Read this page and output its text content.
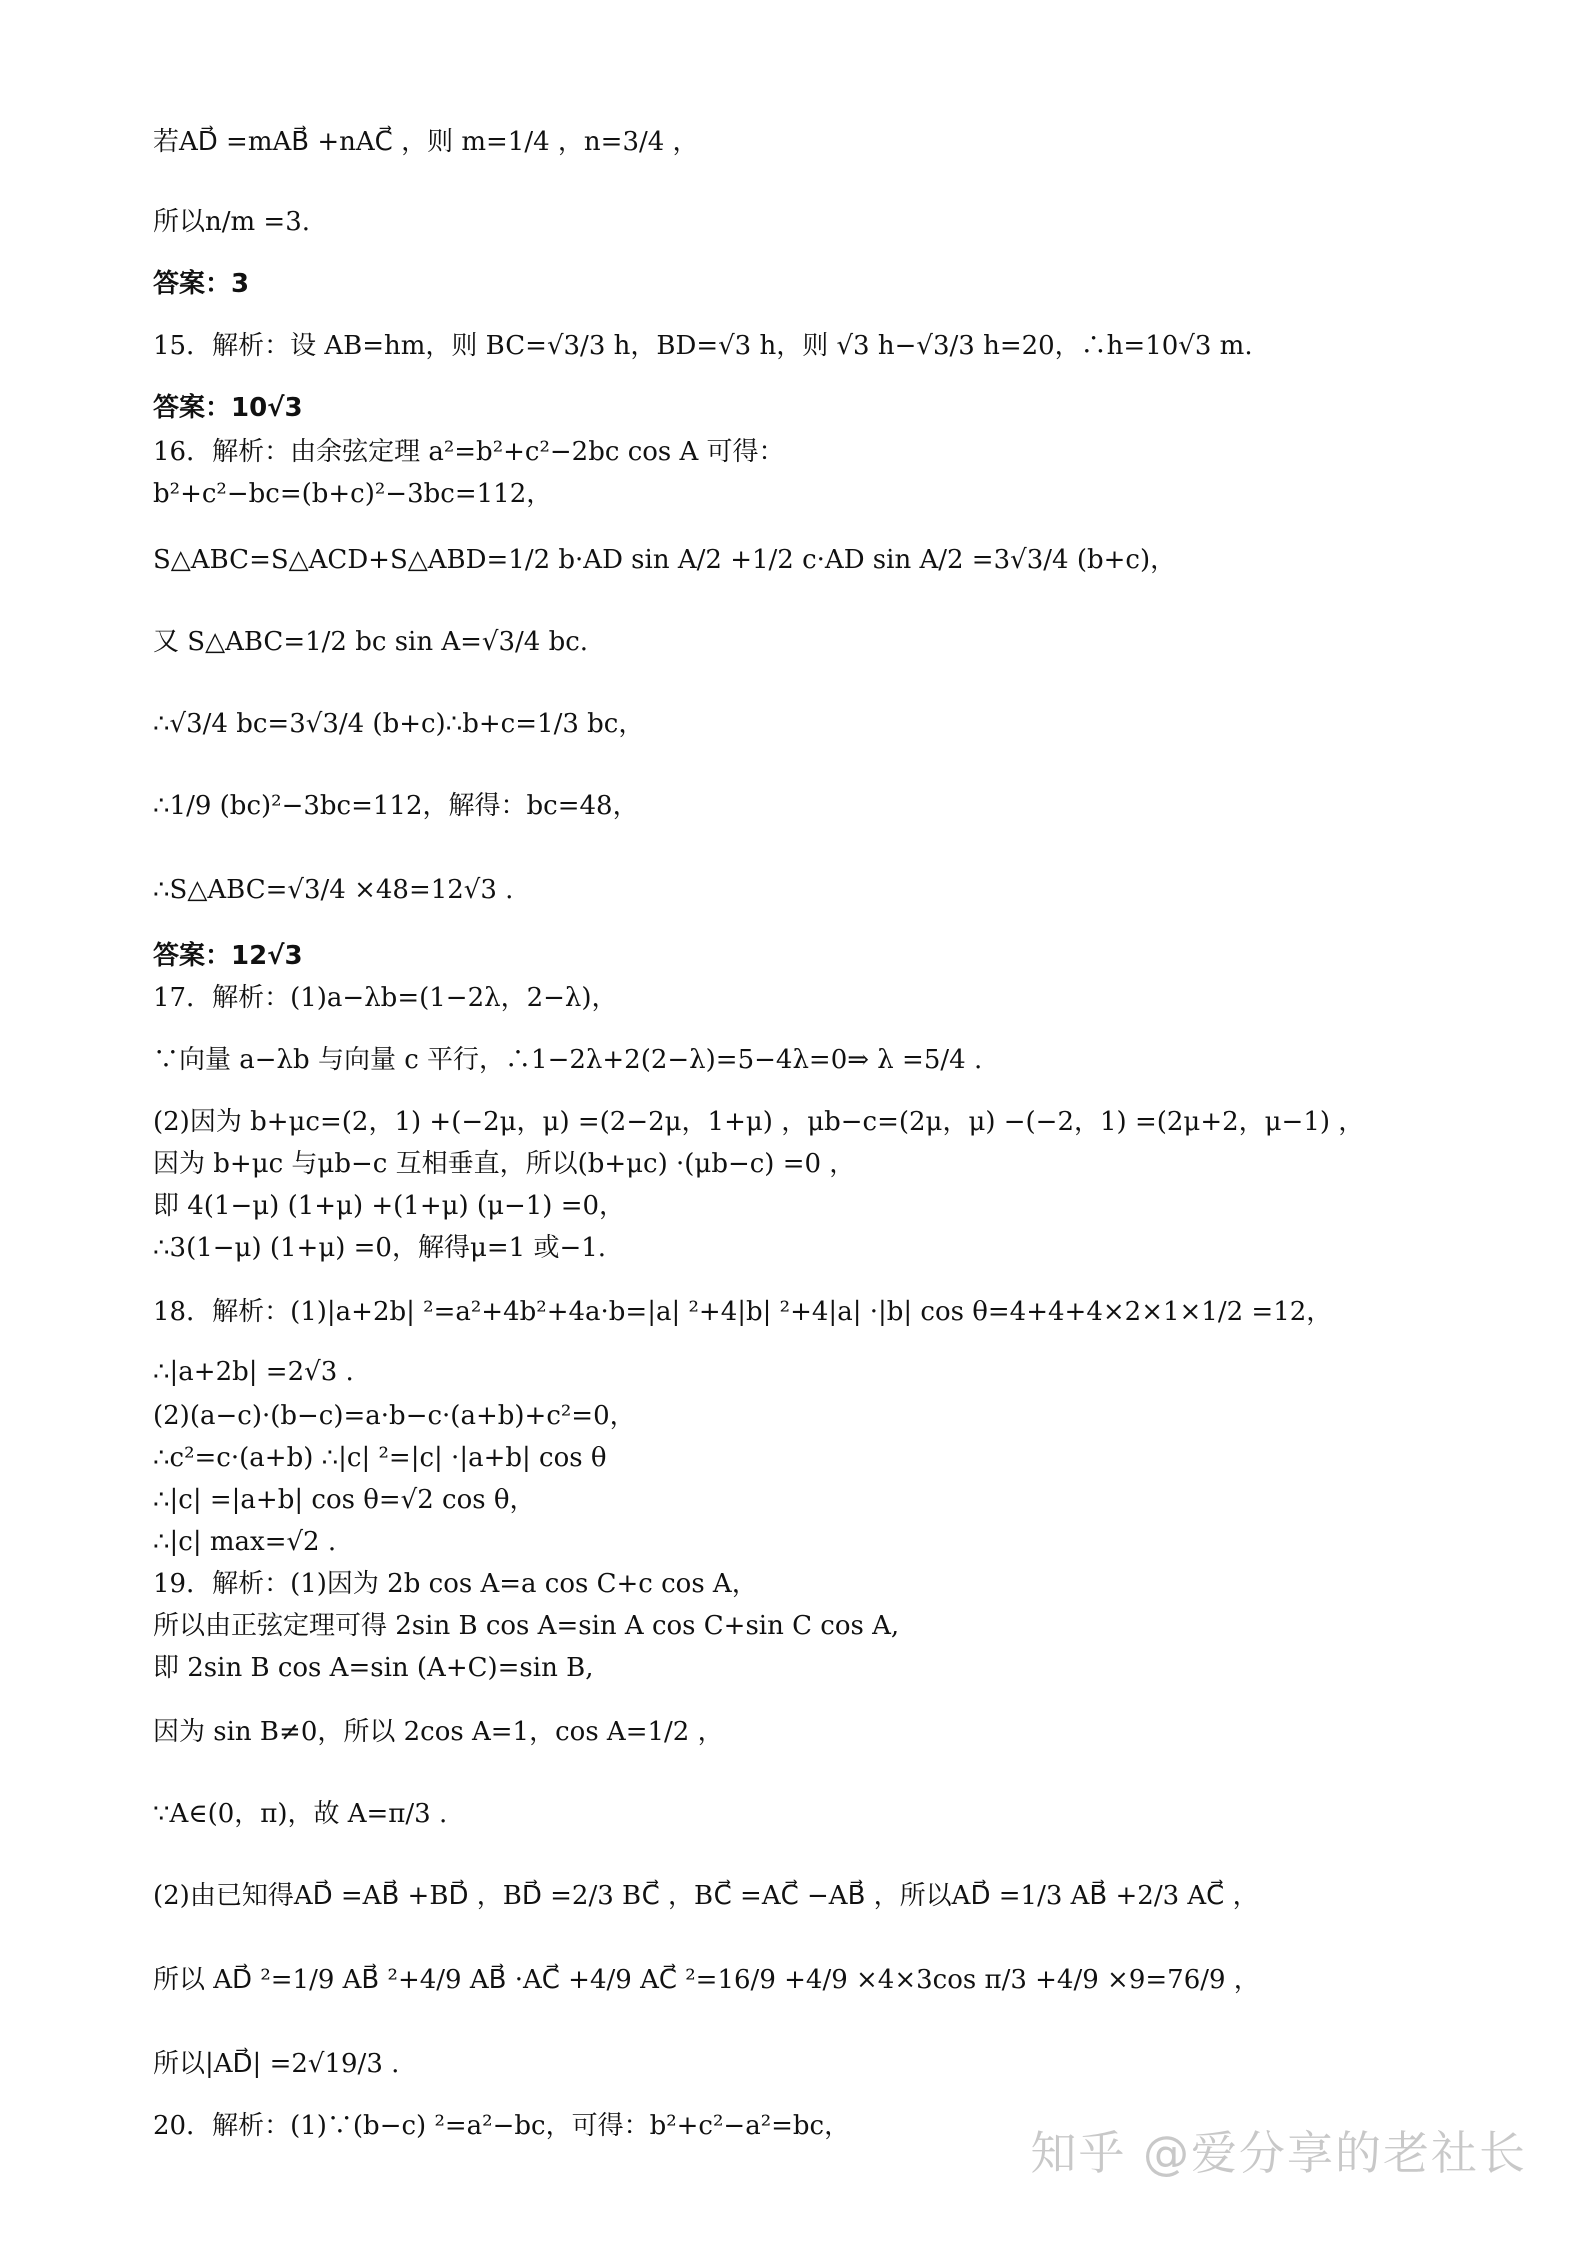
若AD⃗ =mAB⃗ +nAC⃗ ，则 m=1/4 ，n=3/4 ，
所以n/m =3.
答案：3
15．解析：设 AB=hm，则 BC=√3/3 h，BD=√3 h，则 √3 h−√3/3 h=20，∴h=10√3 m.
答案：10√3
16．解析：由余弦定理 a²=b²+c²−2bc cos A 可得：
b²+c²−bc=(b+c)²−3bc=112，
S△ABC=S△ACD+S△ABD=1/2 b·AD sin A/2 +1/2 c·AD sin A/2 =3√3/4 (b+c)，
又 S△ABC=1/2 bc sin A=√3/4 bc.
∴√3/4 bc=3√3/4 (b+c)∴b+c=1/3 bc，
∴1/9 (bc)²−3bc=112，解得：bc=48，
∴S△ABC=√3/4 ×48=12√3 .
答案：12√3
17．解析：(1)a−λb=(1−2λ，2−λ)，
∵向量 a−λb 与向量 c 平行，∴1−2λ+2(2−λ)=5−4λ=0⇒ λ =5/4 .
(2)因为 b+μc=(2，1) +(−2μ，μ) =(2−2μ，1+μ) ，μb−c=(2μ，μ) −(−2，1) =(2μ+2，μ−1) ，
因为 b+μc 与μb−c 互相垂直，所以(b+μc) ·(μb−c) =0 ，
即 4(1−μ) (1+μ) +(1+μ) (μ−1) =0，
∴3(1−μ) (1+μ) =0，解得μ=1 或−1.
18．解析：(1)|a+2b| ²=a²+4b²+4a·b=|a| ²+4|b| ²+4|a| ·|b| cos θ=4+4+4×2×1×1/2 =12，
∴|a+2b| =2√3 .
(2)(a−c)·(b−c)=a·b−c·(a+b)+c²=0，
∴c²=c·(a+b) ∴|c| ²=|c| ·|a+b| cos θ
∴|c| =|a+b| cos θ=√2 cos θ，
∴|c| max=√2 .
19．解析：(1)因为 2b cos A=a cos C+c cos A，
所以由正弦定理可得 2sin B cos A=sin A cos C+sin C cos A,
即 2sin B cos A=sin (A+C)=sin B,
因为 sin B≠0，所以 2cos A=1，cos A=1/2 ，
∵A∈(0，π)，故 A=π/3 .
(2)由已知得AD⃗ =AB⃗ +BD⃗ ，BD⃗ =2/3 BC⃗ ，BC⃗ =AC⃗ −AB⃗ ，所以AD⃗ =1/3 AB⃗ +2/3 AC⃗ ，
所以 AD⃗ ²=1/9 AB⃗ ²+4/9 AB⃗ ·AC⃗ +4/9 AC⃗ ²=16/9 +4/9 ×4×3cos π/3 +4/9 ×9=76/9 ，
所以|AD⃗| =2√19/3 .
20．解析：(1)∵(b−c) ²=a²−bc，可得：b²+c²−a²=bc，	知乎 @爱分享的老社长
